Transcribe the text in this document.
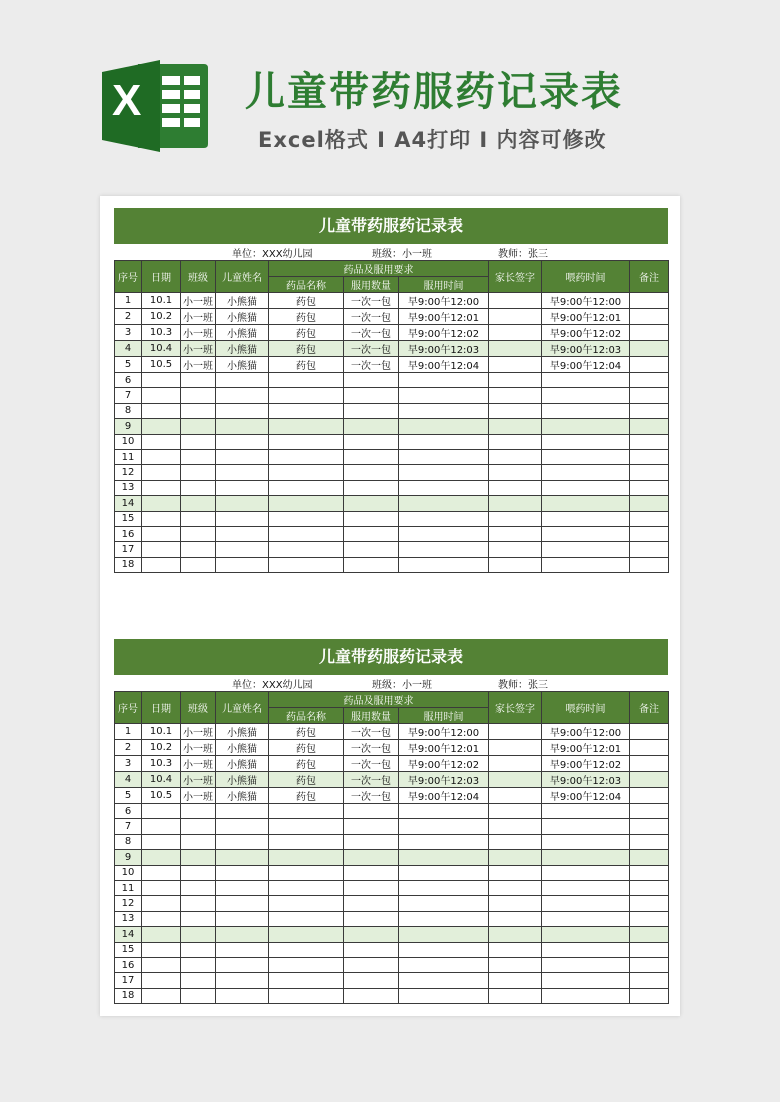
X	儿童带药服药记录表
Excel格式 I A4打印 I 内容可修改
儿童带药服药记录表
单位：XXX幼儿园	班级：小一班	教师：张三
序号	日期	班级	儿童姓名	药品及服用要求			家长签字	喂药时间	备注
				药品名称	服用数量	服用时间			
1	10.1	小一班	小熊猫	药包	一次一包	早9:00午12:00		早9:00午12:00	
2	10.2	小一班	小熊猫	药包	一次一包	早9:00午12:01		早9:00午12:01	
3	10.3	小一班	小熊猫	药包	一次一包	早9:00午12:02		早9:00午12:02	
4	10.4	小一班	小熊猫	药包	一次一包	早9:00午12:03		早9:00午12:03	
5	10.5	小一班	小熊猫	药包	一次一包	早9:00午12:04		早9:00午12:04	
6									
7									
8									
9									
10									
11									
12									
13									
14									
15									
16									
17									
18									
儿童带药服药记录表
单位：XXX幼儿园	班级：小一班	教师：张三
序号	日期	班级	儿童姓名	药品及服用要求			家长签字	喂药时间	备注
				药品名称	服用数量	服用时间			
1	10.1	小一班	小熊猫	药包	一次一包	早9:00午12:00		早9:00午12:00	
2	10.2	小一班	小熊猫	药包	一次一包	早9:00午12:01		早9:00午12:01	
3	10.3	小一班	小熊猫	药包	一次一包	早9:00午12:02		早9:00午12:02	
4	10.4	小一班	小熊猫	药包	一次一包	早9:00午12:03		早9:00午12:03	
5	10.5	小一班	小熊猫	药包	一次一包	早9:00午12:04		早9:00午12:04	
6									
7									
8									
9									
10									
11									
12									
13									
14									
15									
16									
17									
18									
